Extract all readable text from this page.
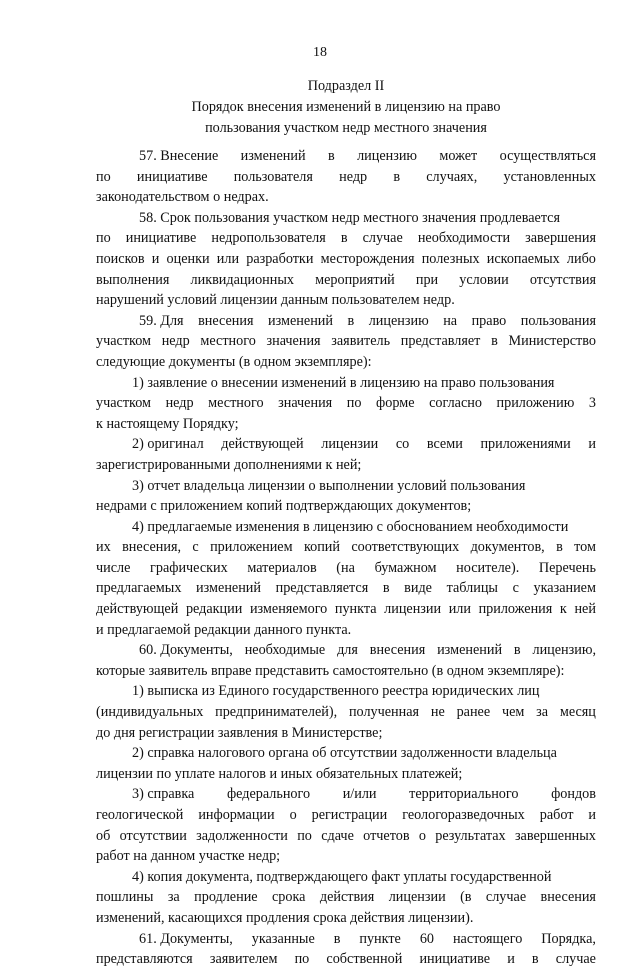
18
Подраздел II
Порядок внесения изменений в лицензию на право
пользования участком недр местного значения
57. Внесение изменений в лицензию может осуществляться
по инициативе пользователя недр в случаях, установленных
законодательством о недрах.
58. Срок пользования участком недр местного значения продлевается
по инициативе недропользователя в случае необходимости завершения
поисков и оценки или разработки месторождения полезных ископаемых либо
выполнения ликвидационных мероприятий при условии отсутствия
нарушений условий лицензии данным пользователем недр.
59. Для внесения изменений в лицензию на право пользования
участком недр местного значения заявитель представляет в Министерство
следующие документы (в одном экземпляре):
1) заявление о внесении изменений в лицензию на право пользования
участком недр местного значения по форме согласно приложению 3
к настоящему Порядку;
2) оригинал действующей лицензии со всеми приложениями и
зарегистрированными дополнениями к ней;
3) отчет владельца лицензии о выполнении условий пользования
недрами с приложением копий подтверждающих документов;
4) предлагаемые изменения в лицензию с обоснованием необходимости
их внесения, с приложением копий соответствующих документов, в том
числе графических материалов (на бумажном носителе). Перечень
предлагаемых изменений представляется в виде таблицы с указанием
действующей редакции изменяемого пункта лицензии или приложения к ней
и предлагаемой редакции данного пункта.
60. Документы, необходимые для внесения изменений в лицензию,
которые заявитель вправе представить самостоятельно (в одном экземпляре):
1) выписка из Единого государственного реестра юридических лиц
(индивидуальных предпринимателей), полученная не ранее чем за месяц
до дня регистрации заявления в Министерстве;
2) справка налогового органа об отсутствии задолженности владельца
лицензии по уплате налогов и иных обязательных платежей;
3) справка федерального и/или территориального фондов
геологической информации о регистрации геологоразведочных работ и
об отсутствии задолженности по сдаче отчетов о результатах завершенных
работ на данном участке недр;
4) копия документа, подтверждающего факт уплаты государственной
пошлины за продление срока действия лицензии (в случае внесения
изменений, касающихся продления срока действия лицензии).
61. Документы, указанные в пункте 60 настоящего Порядка,
представляются заявителем по собственной инициативе и в случае
